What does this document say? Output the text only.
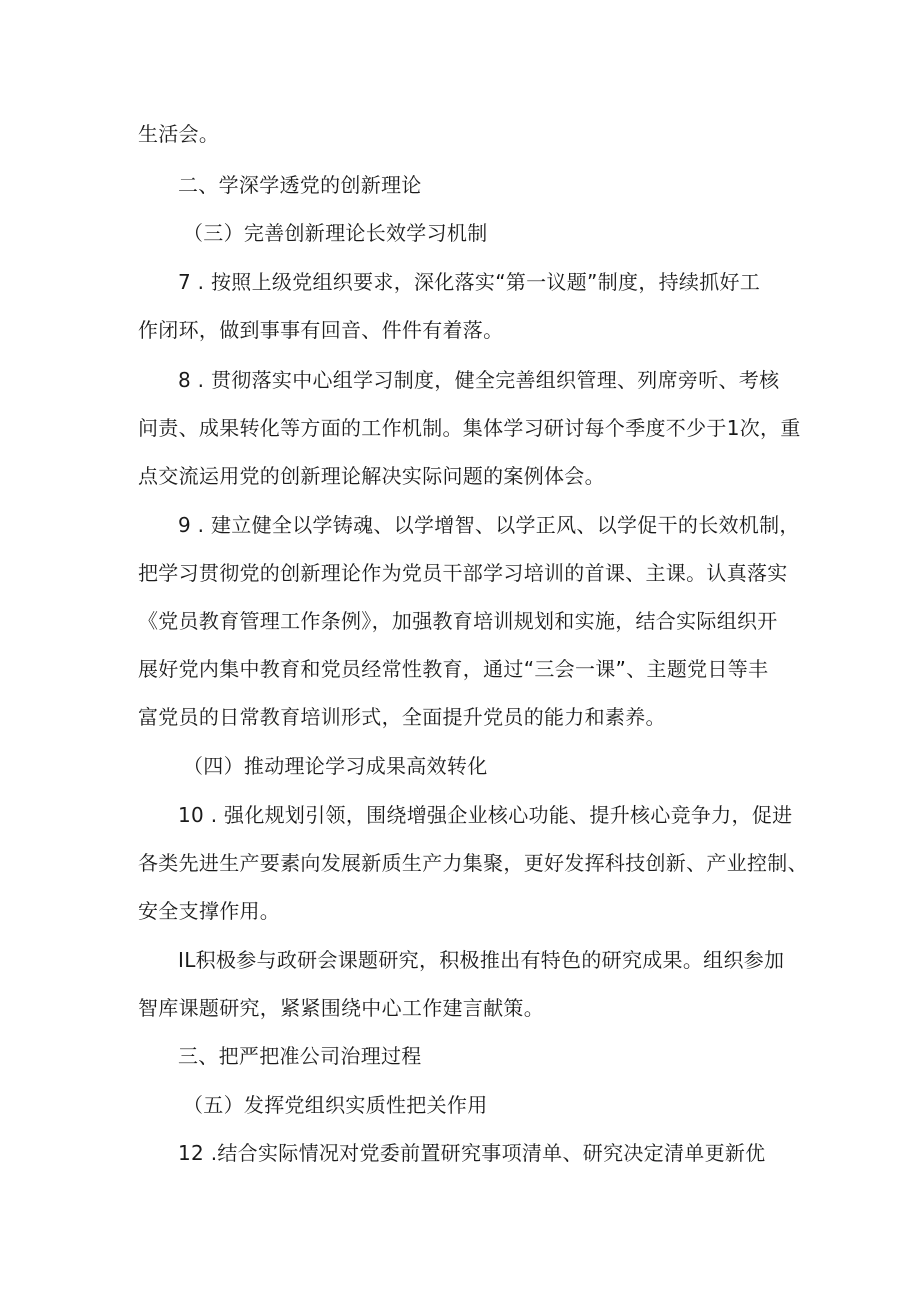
生活会。
二、学深学透党的创新理论
（三）完善创新理论长效学习机制
7 . 按照上级党组织要求，深化落实“第一议题”制度，持续抓好工
作闭环，做到事事有回音、件件有着落。
8 . 贯彻落实中心组学习制度，健全完善组织管理、列席旁听、考核
问责、成果转化等方面的工作机制。集体学习研讨每个季度不少于1次，重
点交流运用党的创新理论解决实际问题的案例体会。
9 . 建立健全以学铸魂、以学增智、以学正风、以学促干的长效机制，
把学习贯彻党的创新理论作为党员干部学习培训的首课、主课。认真落实
《党员教育管理工作条例》，加强教育培训规划和实施，结合实际组织开
展好党内集中教育和党员经常性教育，通过“三会一课”、主题党日等丰
富党员的日常教育培训形式，全面提升党员的能力和素养。
（四）推动理论学习成果高效转化
10 . 强化规划引领，围绕增强企业核心功能、提升核心竞争力，促进
各类先进生产要素向发展新质生产力集聚，更好发挥科技创新、产业控制、
安全支撑作用。
IL积极参与政研会课题研究，积极推出有特色的研究成果。组织参加
智库课题研究，紧紧围绕中心工作建言献策。
三、把严把准公司治理过程
（五）发挥党组织实质性把关作用
12 .结合实际情况对党委前置研究事项清单、研究决定清单更新优
